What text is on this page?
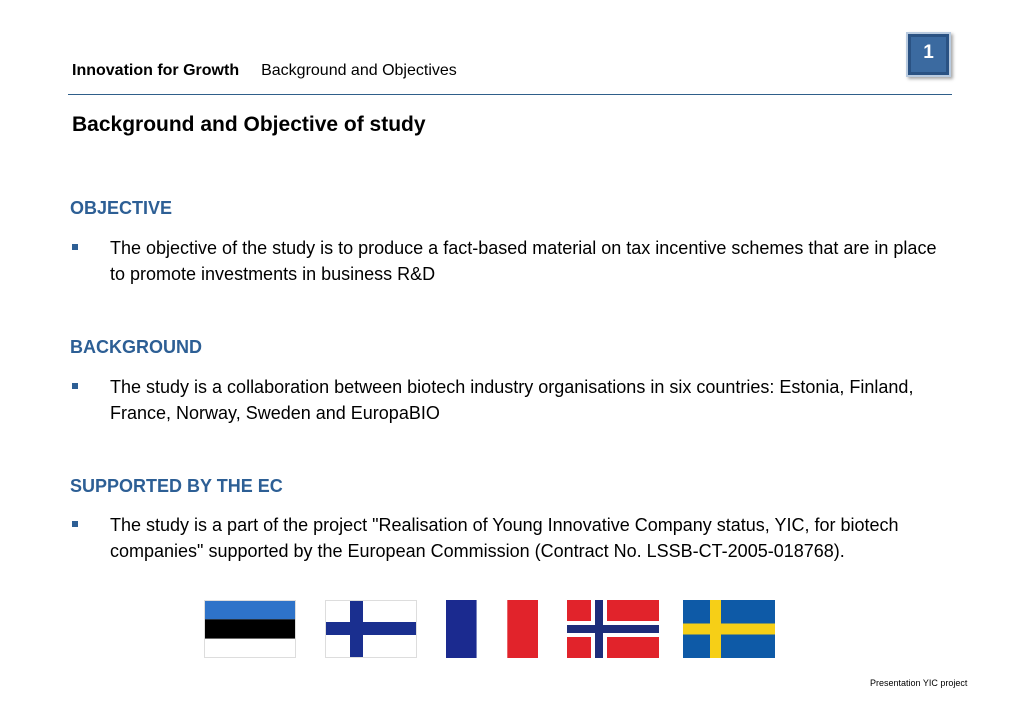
Innovation for Growth Background and Objectives
1
Background and Objective of study
OBJECTIVE
The objective of the study is to produce a fact-based material on tax incentive schemes that are in place to promote investments in business R&D
BACKGROUND
The study is a collaboration between biotech industry organisations in six countries: Estonia, Finland, France, Norway, Sweden and EuropaBIO
SUPPORTED BY THE EC
The study is a part of the project "Realisation of Young Innovative Company status, YIC, for biotech companies" supported by the European Commission (Contract No. LSSB-CT-2005-018768).
Presentation YIC project
